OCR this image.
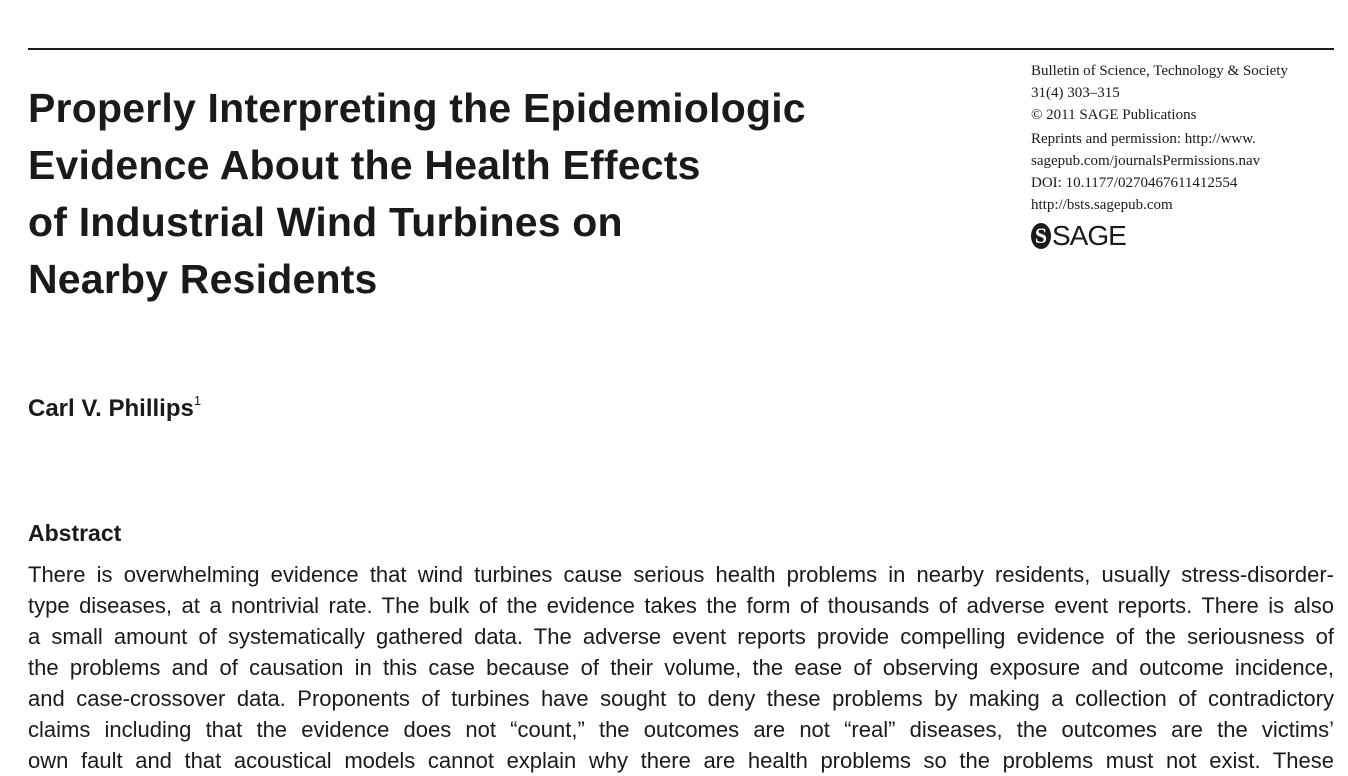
Properly Interpreting the Epidemiologic
Evidence About the Health Effects
of Industrial Wind Turbines on
Nearby Residents
Bulletin of Science, Technology & Society
31(4) 303–315
© 2011 SAGE Publications
Reprints and permission: http://www.
sagepub.com/journalsPermissions.nav
DOI: 10.1177/0270467611412554
http://bsts.sagepub.com
S SAGE
Carl V. Phillips$^1$
Abstract
There is overwhelming evidence that wind turbines cause serious health problems in nearby residents, usually stress-disorder-
type diseases, at a nontrivial rate. The bulk of the evidence takes the form of thousands of adverse event reports. There is also
a small amount of systematically gathered data. The adverse event reports provide compelling evidence of the seriousness of
the problems and of causation in this case because of their volume, the ease of observing exposure and outcome incidence,
and case-crossover data. Proponents of turbines have sought to deny these problems by making a collection of contradictory
claims including that the evidence does not “count,” the outcomes are not “real” diseases, the outcomes are the victims’
own fault and that acoustical models cannot explain why there are health problems so the problems must not exist. These
